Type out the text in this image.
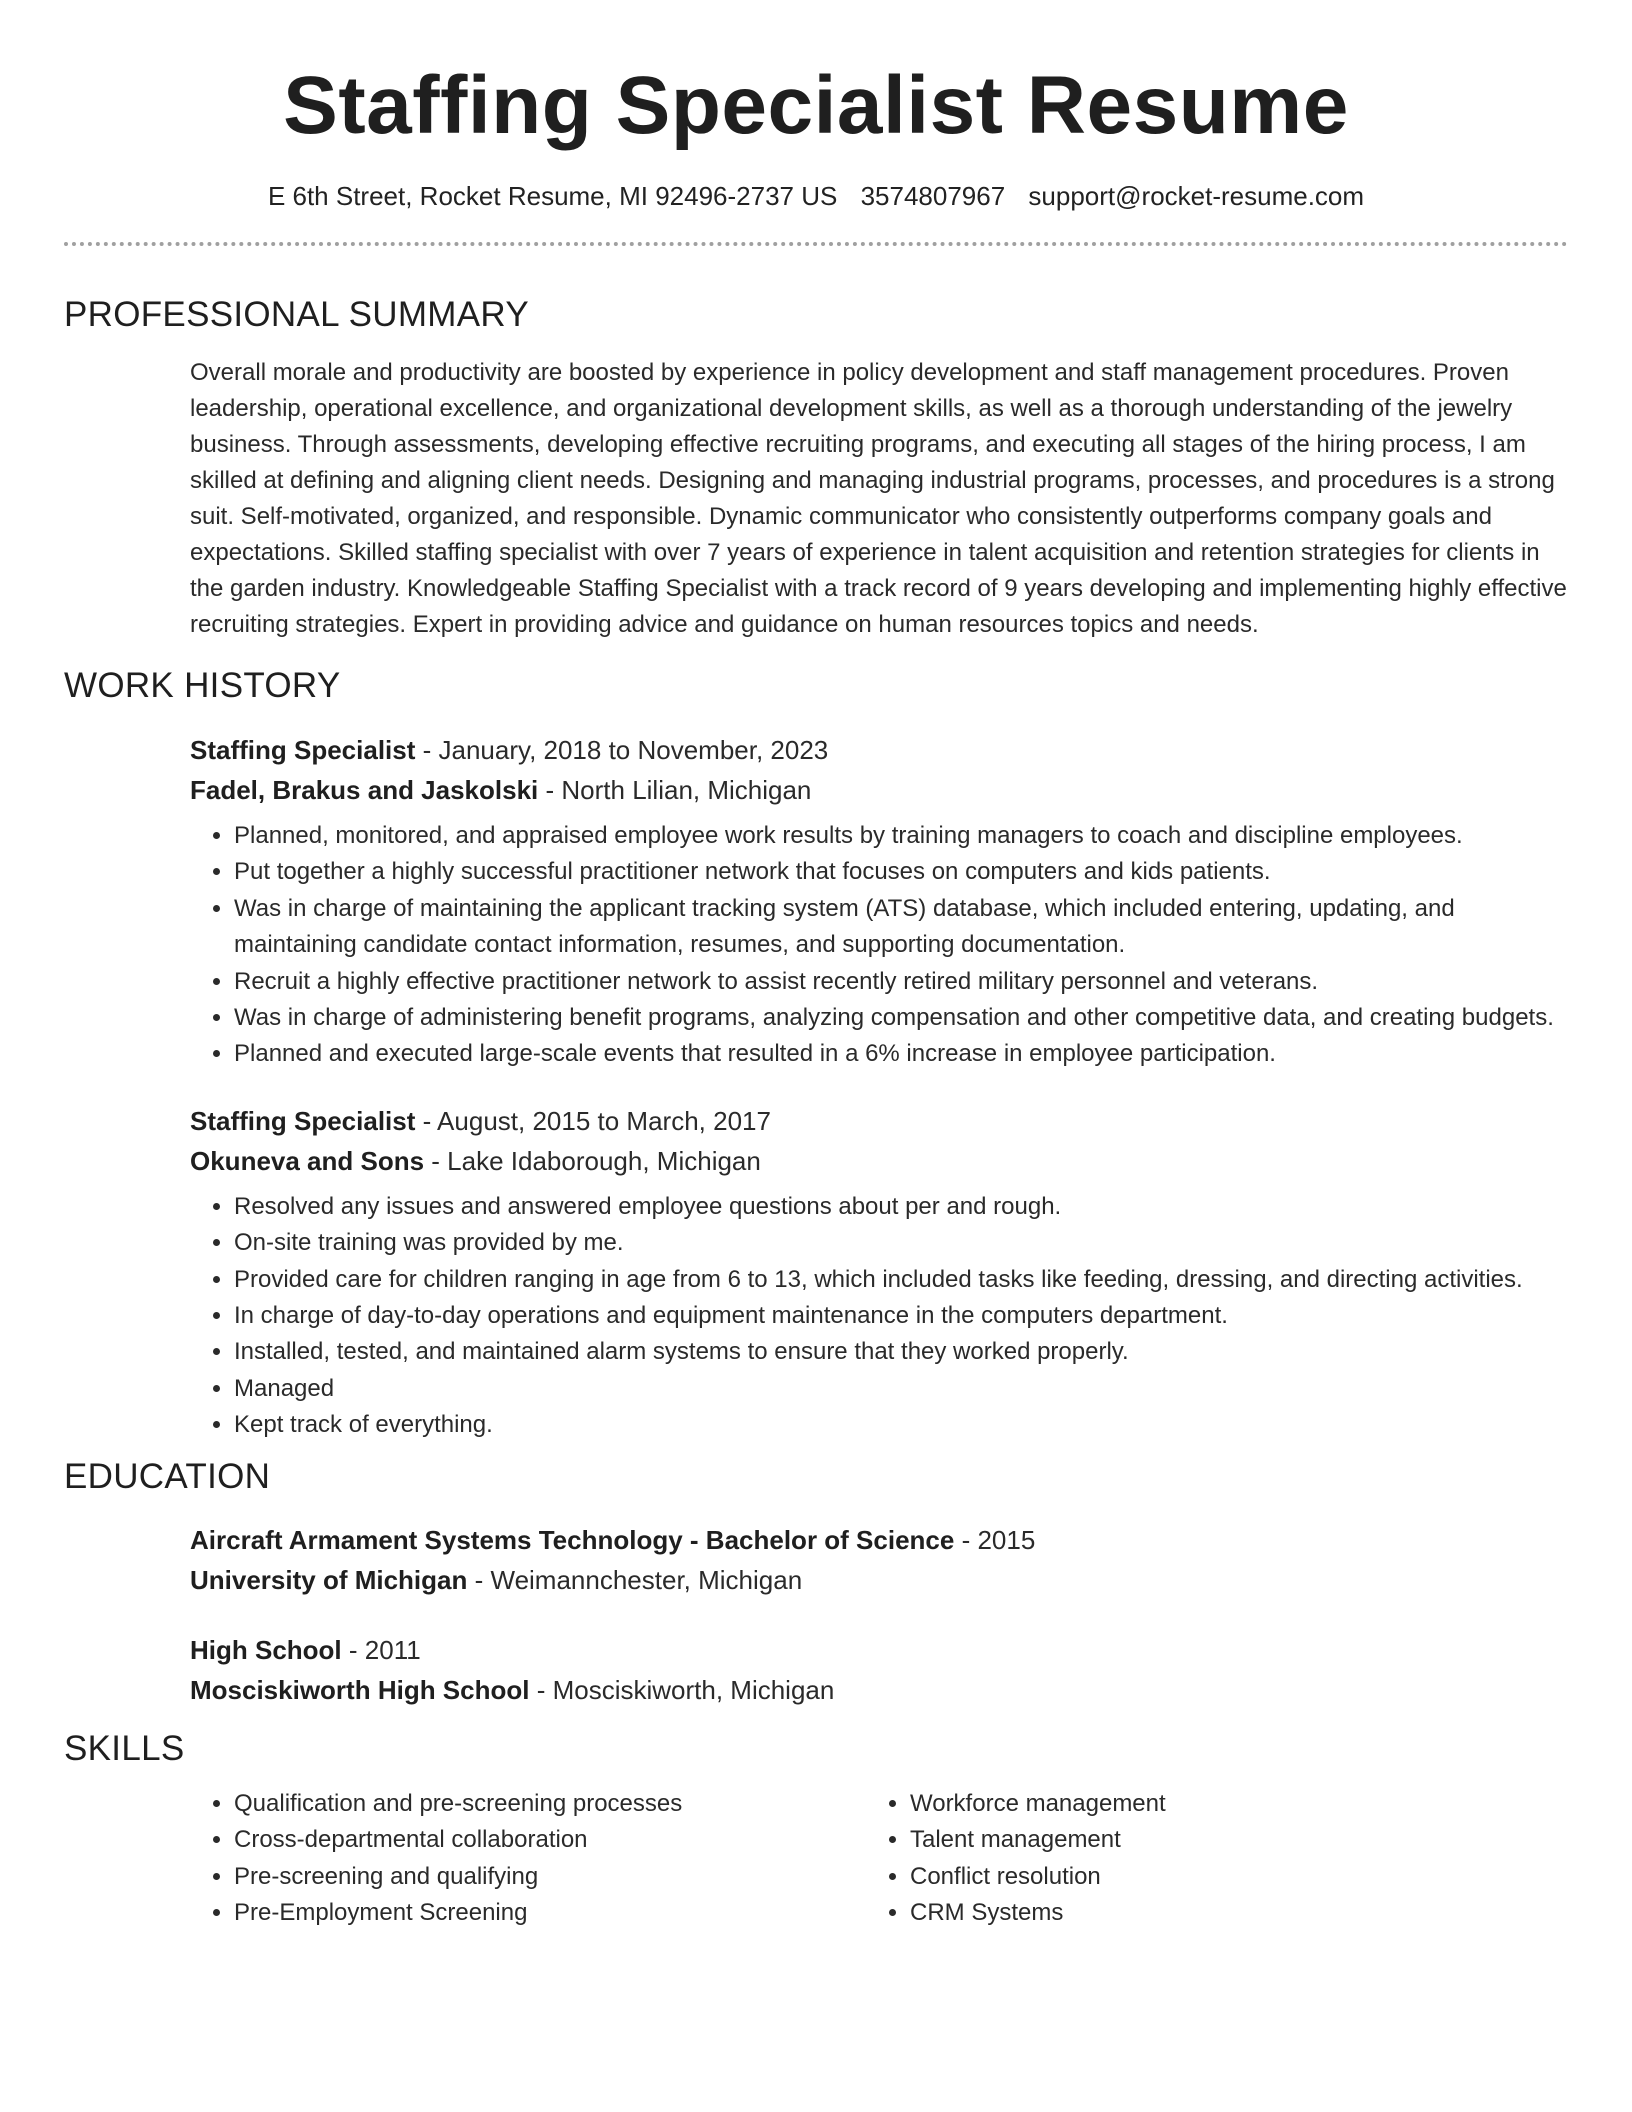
Staffing Specialist Resume
E 6th Street, Rocket Resume, MI 92496-2737 US 3574807967 support@rocket-resume.com
PROFESSIONAL SUMMARY

Overall morale and productivity are boosted by experience in policy development and staff management procedures. Proven leadership, operational excellence, and organizational development skills, as well as a thorough understanding of the jewelry business. Through assessments, developing effective recruiting programs, and executing all stages of the hiring process, I am skilled at defining and aligning client needs. Designing and managing industrial programs, processes, and procedures is a strong suit. Self-motivated, organized, and responsible. Dynamic communicator who consistently outperforms company goals and expectations. Skilled staffing specialist with over 7 years of experience in talent acquisition and retention strategies for clients in the garden industry. Knowledgeable Staffing Specialist with a track record of 9 years developing and implementing highly effective recruiting strategies. Expert in providing advice and guidance on human resources topics and needs.

WORK HISTORY
Staffing Specialist - January, 2018 to November, 2023
Fadel, Brakus and Jaskolski - North Lilian, Michigan
• Planned, monitored, and appraised employee work results by training managers to coach and discipline employees.
• Put together a highly successful practitioner network that focuses on computers and kids patients.
• Was in charge of maintaining the applicant tracking system (ATS) database, which included entering, updating, and maintaining candidate contact information, resumes, and supporting documentation.
• Recruit a highly effective practitioner network to assist recently retired military personnel and veterans.
• Was in charge of administering benefit programs, analyzing compensation and other competitive data, and creating budgets.
• Planned and executed large-scale events that resulted in a 6% increase in employee participation.
Staffing Specialist - August, 2015 to March, 2017
Okuneva and Sons - Lake Idaborough, Michigan
• Resolved any issues and answered employee questions about per and rough.
• On-site training was provided by me.
• Provided care for children ranging in age from 6 to 13, which included tasks like feeding, dressing, and directing activities.
• In charge of day-to-day operations and equipment maintenance in the computers department.
• Installed, tested, and maintained alarm systems to ensure that they worked properly.
• Managed
• Kept track of everything.
EDUCATION
Aircraft Armament Systems Technology - Bachelor of Science - 2015
University of Michigan - Weimannchester, Michigan
High School - 2011
Mosciskiworth High School - Mosciskiworth, Michigan
SKILLS
• Qualification and pre-screening processes
• Cross-departmental collaboration
• Pre-screening and qualifying
• Pre-Employment Screening
• Workforce management
• Talent management
• Conflict resolution
• CRM Systems
